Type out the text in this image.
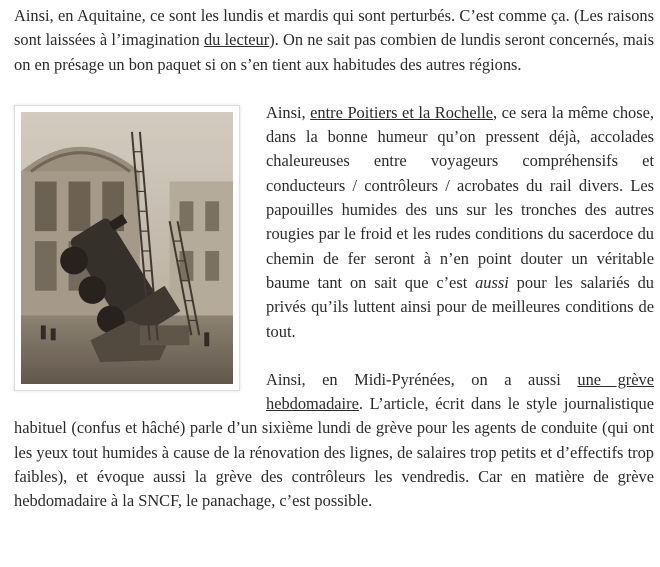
Ainsi, en Aquitaine, ce sont les lundis et mardis qui sont perturbés. C’est comme ça. (Les raisons sont laissées à l’imagination du lecteur). On ne sait pas combien de lundis seront concernés, mais on en présage un bon paquet si on s’en tient aux habitudes des autres régions.

Ainsi, entre Poitiers et la Rochelle, ce sera la même chose, dans la bonne humeur qu’on pressent déjà, accolades chaleureuses entre voyageurs compréhensifs et conducteurs / contrôleurs / acrobates du rail divers. Les papouilles humides des uns sur les tronches des autres rougies par le froid et les rudes conditions du sacerdoce du chemin de fer seront à n’en point douter un véritable baume tant on sait que c’est aussi pour les salariés du privés qu’ils luttent ainsi pour de meilleures conditions de tout.

Ainsi, en Midi-Pyrénées, on a aussi une grève hebdomadaire. L’article, écrit dans le style journalistique habituel (confus et hâché) parle d’un sixième lundi de grève pour les agents de conduite (qui ont les yeux tout humides à cause de la rénovation des lignes, de salaires trop petits et d’effectifs trop faibles), et évoque aussi la grève des contrôleurs les vendredis. Car en matière de grève hebdomadaire à la SNCF, le panachage, c’est possible.
